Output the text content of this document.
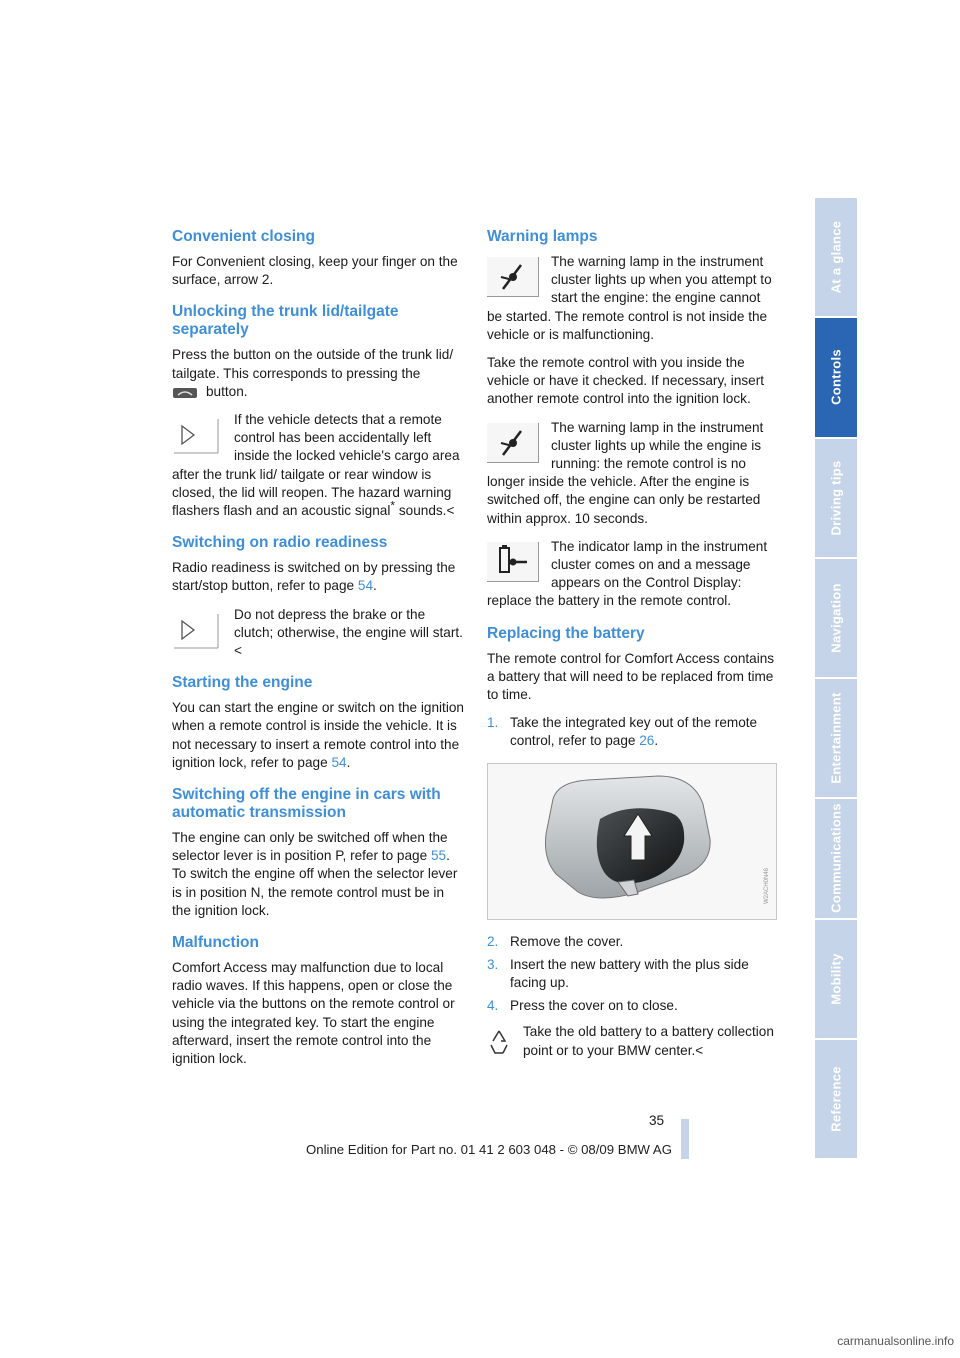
Convenient closing

For Convenient closing, keep your finger on the surface, arrow 2.

Unlocking the trunk lid/tailgate separately

Press the button on the outside of the trunk lid/ tailgate. This corresponds to pressing the
button.

If the vehicle detects that a remote control has been accidentally left inside the locked vehicle's cargo area after the trunk lid/ tailgate or rear window is closed, the lid will reopen. The hazard warning flashers flash and an acoustic signal* sounds.<
Switching on radio readiness

Radio readiness is switched on by pressing the start/stop button, refer to page 54.

Do not depress the brake or the clutch; otherwise, the engine will start.<
Starting the engine

You can start the engine or switch on the ignition when a remote control is inside the vehicle. It is not necessary to insert a remote control into the ignition lock, refer to page 54.

Switching off the engine in cars with automatic transmission

The engine can only be switched off when the selector lever is in position P, refer to page 55. To switch the engine off when the selector lever is in position N, the remote control must be in the ignition lock.

Malfunction

Comfort Access may malfunction due to local radio waves. If this happens, open or close the vehicle via the buttons on the remote control or using the integrated key. To start the engine afterward, insert the remote control into the ignition lock.

Warning lamps
The warning lamp in the instrument cluster lights up when you attempt to start the engine: the engine cannot be started. The remote control is not inside the vehicle or is malfunctioning.

Take the remote control with you inside the vehicle or have it checked. If necessary, insert another remote control into the ignition lock.

The warning lamp in the instrument cluster lights up while the engine is running: the remote control is no longer inside the vehicle. After the engine is switched off, the engine can only be restarted within approx. 10 seconds.
The indicator lamp in the instrument cluster comes on and a message appears on the Control Display: replace the battery in the remote control.
Replacing the battery

The remote control for Comfort Access contains a battery that will need to be replaced from time to time.

1. Take the integrated key out of the remote control, refer to page 26.
W2ACH0N46
2. Remove the cover.
3. Insert the new battery with the plus side facing up.
4. Press the cover on to close.
Take the old battery to a battery collection point or to your BMW center.<
At a glance
Controls
Driving tips
Navigation
Entertainment
Communications
Mobility
Reference
35
Online Edition for Part no. 01 41 2 603 048 - © 08/09 BMW AG
carmanualsonline.info
